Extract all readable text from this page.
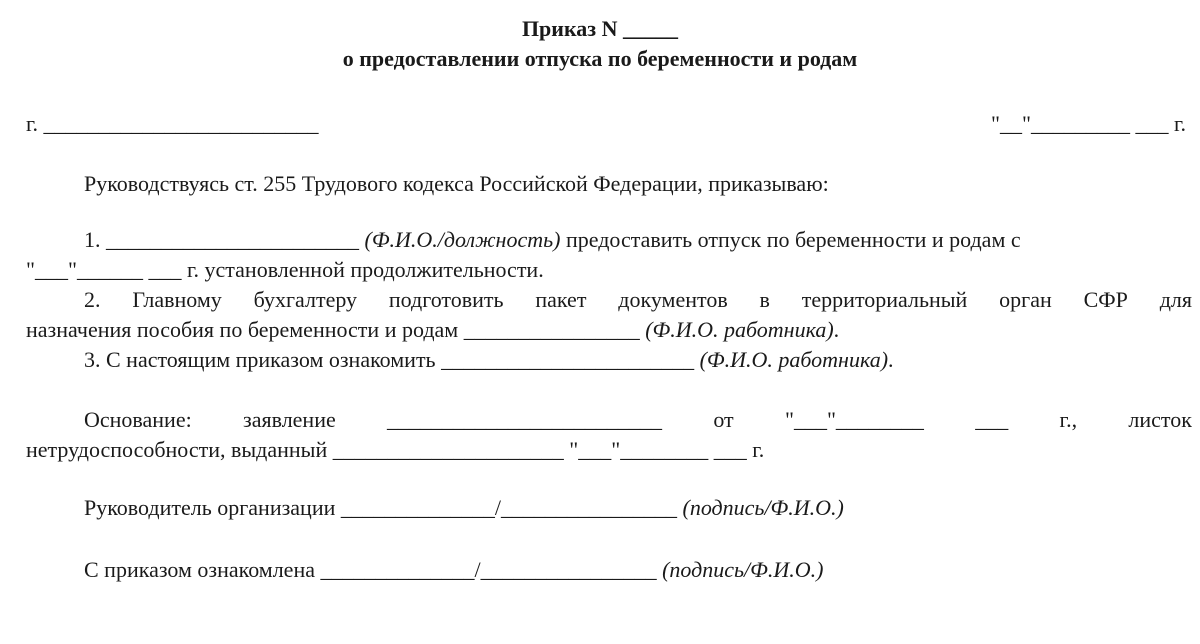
Приказ N _____
о предоставлении отпуска по беременности и родам
г. _________________________	"__"_________ ___ г.
Руководствуясь ст. 255 Трудового кодекса Российской Федерации, приказываю:
1. _______________________ (Ф.И.О./должность) предоставить отпуск по беременности и родам с
"___"______ ___ г. установленной продолжительности.
2. Главному бухгалтеру подготовить пакет документов в территориальный орган СФР для
назначения пособия по беременности и родам ________________ (Ф.И.О. работника).
3. С настоящим приказом ознакомить _______________________ (Ф.И.О. работника).
Основание: заявление _________________________ от "___"________ ___ г., листок
нетрудоспособности, выданный _____________________ "___"________ ___ г.
Руководитель организации ______________/________________ (подпись/Ф.И.О.)
С приказом ознакомлена ______________/________________ (подпись/Ф.И.О.)
